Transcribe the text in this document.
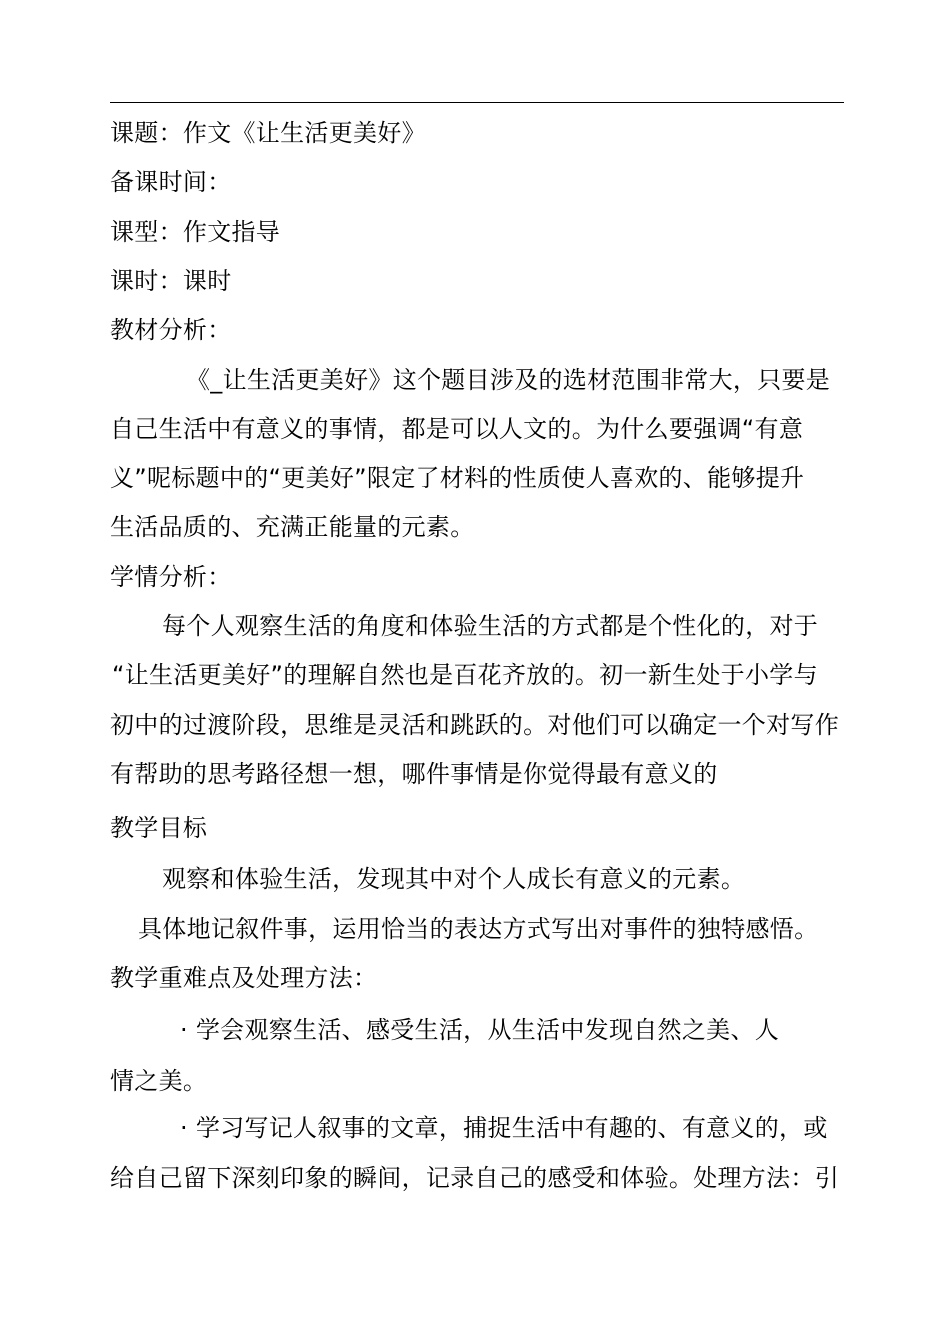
课题：作文《让生活更美好》
备课时间：
课型：作文指导
课时：课时
教材分析：
《_让生活更美好》这个题目涉及的选材范围非常大，只要是
自己生活中有意义的事情，都是可以人文的。为什么要强调“有意
义”呢标题中的“更美好”限定了材料的性质使人喜欢的、能够提升
生活品质的、充满正能量的元素。
学情分析：
每个人观察生活的角度和体验生活的方式都是个性化的，对于
“让生活更美好”的理解自然也是百花齐放的。初一新生处于小学与
初中的过渡阶段，思维是灵活和跳跃的。对他们可以确定一个对写作
有帮助的思考路径想一想，哪件事情是你觉得最有意义的
教学目标
观察和体验生活，发现其中对个人成长有意义的元素。
具体地记叙件事，运用恰当的表达方式写出对事件的独特感悟。
教学重难点及处理方法：
· 学会观察生活、感受生活，从生活中发现自然之美、人
情之美。
· 学习写记人叙事的文章，捕捉生活中有趣的、有意义的，或
给自己留下深刻印象的瞬间，记录自己的感受和体验。处理方法：引
